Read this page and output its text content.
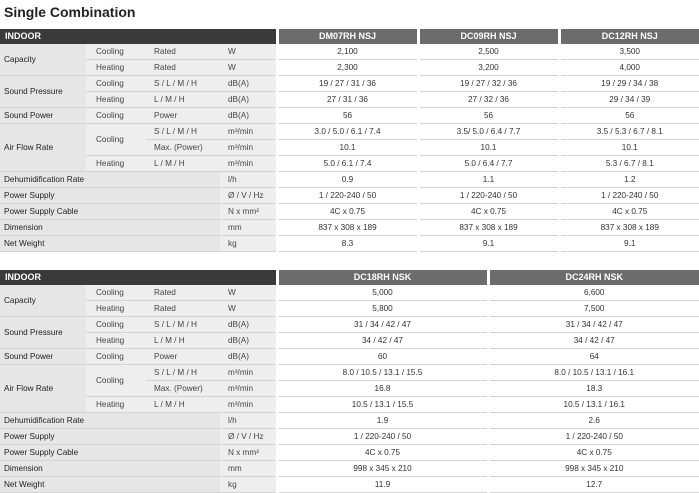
Single Combination
INDOOR				DM07RH NSJ	DC09RH NSJ	DC12RH NSJ
Capacity	Cooling	Rated	W	2,100	2,500	3,500
	Heating	Rated	W	2,300	3,200	4,000
Sound Pressure	Cooling	S / L / M / H	dB(A)	19 / 27 / 31 / 36	19 / 27 / 32 / 36	19 / 29 / 34 / 38
	Heating	L / M / H	dB(A)	27 / 31 / 36	27 / 32 / 36	29 / 34 / 39
Sound Power	Cooling	Power	dB(A)	56	56	56
Air Flow Rate	Cooling	S / L / M / H	m³/min	3.0 / 5.0 / 6.1 / 7.4	3.5/ 5.0 / 6.4 / 7.7	3.5 / 5.3 / 6.7 / 8.1
		Max. (Power)	m³/min	10.1	10.1	10.1
	Heating	L / M / H	m³/min	5.0 / 6.1 / 7.4	5.0 / 6.4 / 7.7	5.3 / 6.7 / 8.1
Dehumidification Rate			l/h	0.9	1.1	1.2
Power Supply			Ø / V / Hz	1 / 220-240 / 50	1 / 220-240 / 50	1 / 220-240 / 50
Power Supply Cable			N x mm²	4C x 0.75	4C x 0.75	4C x 0.75
Dimension			mm	837 x 308 x 189	837 x 308 x 189	837 x 308 x 189
Net Weight			kg	8.3	9.1	9.1
INDOOR				DC18RH NSK	DC24RH NSK
Capacity	Cooling	Rated	W	5,000	6,600
	Heating	Rated	W	5,800	7,500
Sound Pressure	Cooling	S / L / M / H	dB(A)	31 / 34 / 42 / 47	31 / 34 / 42 / 47
	Heating	L / M / H	dB(A)	34 / 42 / 47	34 / 42 / 47
Sound Power	Cooling	Power	dB(A)	60	64
Air Flow Rate	Cooling	S / L / M / H	m³/min	8.0 / 10.5 / 13.1 / 15.5	8.0 / 10.5 / 13.1 / 16.1
		Max. (Power)	m³/min	16.8	18.3
	Heating	L / M / H	m³/min	10.5 / 13.1 / 15.5	10.5 / 13.1 / 16.1
Dehumidification Rate			l/h	1.9	2.6
Power Supply			Ø / V / Hz	1 / 220-240 / 50	1 / 220-240 / 50
Power Supply Cable			N x mm²	4C x 0.75	4C x 0.75
Dimension			mm	998 x 345 x 210	998 x 345 x 210
Net Weight			kg	11.9	12.7
